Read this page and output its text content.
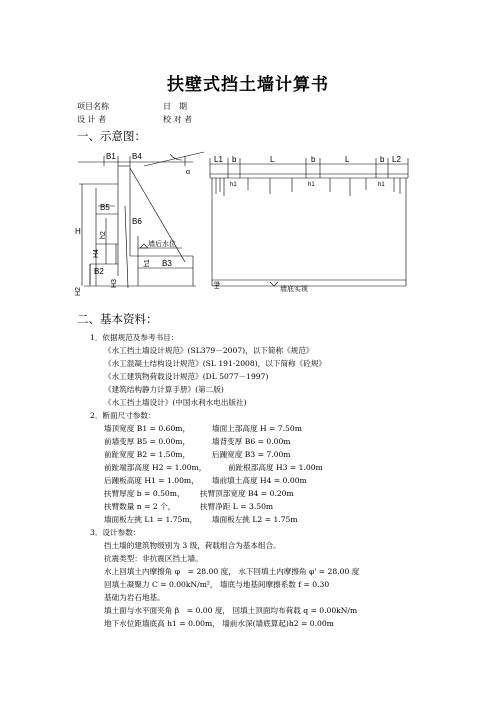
扶壁式挡土墙计算书
项目名称	日　期
设 计 者	校 对 者
一、示意图：
B1 B4
α
B5
B6
H	h2
H4
h1
墙后水位
B3
B2
H2
H3
L1 b	L	b	L	b L2
h1	h1	h1
H3
墙底实视
二、基本资料：
1．依据规范及参考书目：
《水工挡土墙设计规范》(SL379－2007)，以下简称《规范》
《水工混凝土结构设计规范》(SL 191-2008)，以下简称《砼规》
《水工建筑物荷载设计规范》(DL 5077－1997)
《建筑结构静力计算手册》(第二版)
《水工挡土墙设计》(中国水利水电出版社)
2．断面尺寸参数：
墙顶宽度 B1 = 0.60m，	墙面上部高度 H = 7.50m
前墙变厚 B5 = 0.00m，	墙背变厚 B6 = 0.00m
前趾宽度 B2 = 1.50m，	后踵宽度 B3 = 7.00m
前趾端部高度 H2 = 1.00m，	前趾根部高度 H3 = 1.00m
后踵板高度 H1 = 1.00m， 墙前填土高度 H4 = 0.00m
扶臂厚度 b = 0.50m， 扶臂顶部宽度 B4 = 0.20m
扶臂数量 n = 2 个，	扶臂净距 L = 3.50m
墙面板左挑 L1 = 1.75m， 墙面板左挑 L2 = 1.75m
3．设计参数：
挡土墙的建筑物级别为 3 级，荷载组合为基本组合。
抗震类型：非抗震区挡土墙。
水上回填土内摩擦角 φ　= 28.00 度， 水下回填土内摩擦角 φ' = 28.00 度
回填土凝聚力 C = 0.00kN/m²， 墙底与地基间摩擦系数 f = 0.30
基础为岩石地基。
填土面与水平面夹角 β　= 0.00 度， 回填土顶面均布荷载 q = 0.00kN/m
地下水位距墙底高 h1 = 0.00m， 墙前水深(墙底算起)h2 = 0.00m
